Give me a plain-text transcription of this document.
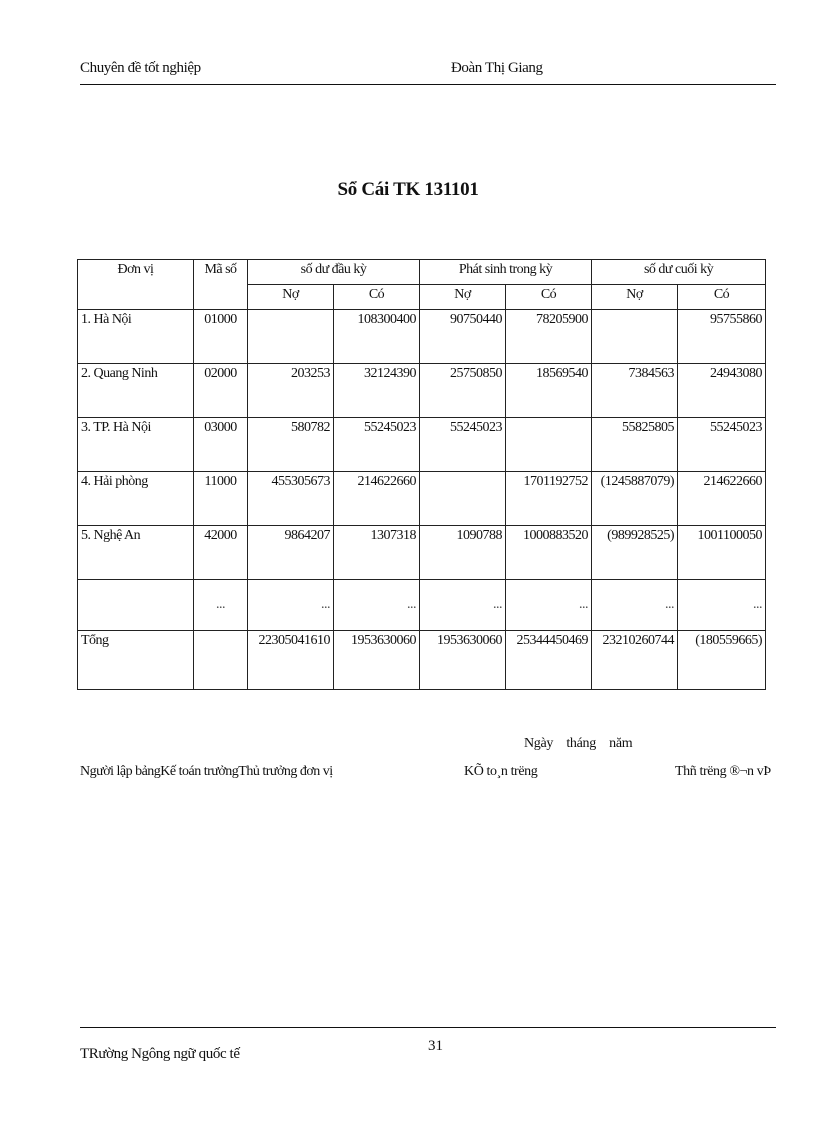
Chuyên đề tốt nghiệp	Đoàn Thị Giang
Sổ Cái TK 131101
Đơn vị	Mã số	số dư đầu kỳ		Phát sinh trong kỳ		số dư cuối kỳ	
		Nợ	Có	Nợ	Có	Nợ	Có
1. Hà Nội	01000		108300400	90750440	78205900		95755860
2. Quang Ninh	02000	203253	32124390	25750850	18569540	7384563	24943080
3. TP. Hà Nội	03000	580782	55245023	55245023		55825805	55245023
4. Hải phòng	11000	455305673	214622660		1701192752	(1245887079)	214622660
5. Nghệ An	42000	9864207	1307318	1090788	1000883520	(989928525)	1001100050
	...	...	...	...	...	...	...
Tổng		22305041610	1953630060	1953630060	25344450469	23210260744	(180559665)
Ngày tháng năm
Người lập bảngKế toán trưởngThủ trưởng đơn vị	KÕ to¸n trëng	Thñ trëng ®¬n vÞ
TRường Ngông ngữ quốc tế	31
